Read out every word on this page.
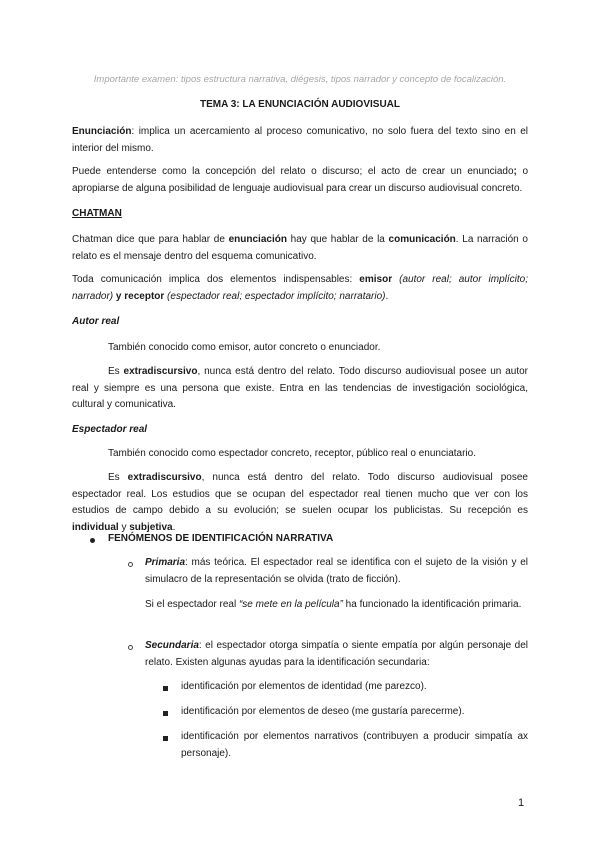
Importante examen: tipos estructura narrativa, diégesis, tipos narrador y concepto de focalización.

TEMA 3: LA ENUNCIACIÓN AUDIOVISUAL

Enunciación: implica un acercamiento al proceso comunicativo, no solo fuera del texto sino en el interior del mismo.

Puede entenderse como la concepción del relato o discurso; el acto de crear un enunciado; o apropiarse de alguna posibilidad de lenguaje audiovisual para crear un discurso audiovisual concreto.

CHATMAN

Chatman dice que para hablar de enunciación hay que hablar de la comunicación. La narración o relato es el mensaje dentro del esquema comunicativo.

Toda comunicación implica dos elementos indispensables: emisor (autor real; autor implícito; narrador) y receptor (espectador real; espectador implícito; narratario).

Autor real

También conocido como emisor, autor concreto o enunciador.

Es extradiscursivo, nunca está dentro del relato. Todo discurso audiovisual posee un autor real y siempre es una persona que existe. Entra en las tendencias de investigación sociológica, cultural y comunicativa.

Espectador real

También conocido como espectador concreto, receptor, público real o enunciatario.

Es extradiscursivo, nunca está dentro del relato. Todo discurso audiovisual posee espectador real. Los estudios que se ocupan del espectador real tienen mucho que ver con los estudios de campo debido a su evolución; se suelen ocupar los publicistas. Su recepción es individual y subjetiva.

FENÓMENOS DE IDENTIFICACIÓN NARRATIVA

Primaria: más teórica. El espectador real se identifica con el sujeto de la visión y el simulacro de la representación se olvida (trato de ficción).

Si el espectador real “se mete en la película” ha funcionado la identificación primaria.

Secundaria: el espectador otorga simpatía o siente empatía por algún personaje del relato. Existen algunas ayudas para la identificación secundaria:

identificación por elementos de identidad (me parezco).

identificación por elementos de deseo (me gustaría parecerme).

identificación por elementos narrativos (contribuyen a producir simpatía ax personaje).

1
